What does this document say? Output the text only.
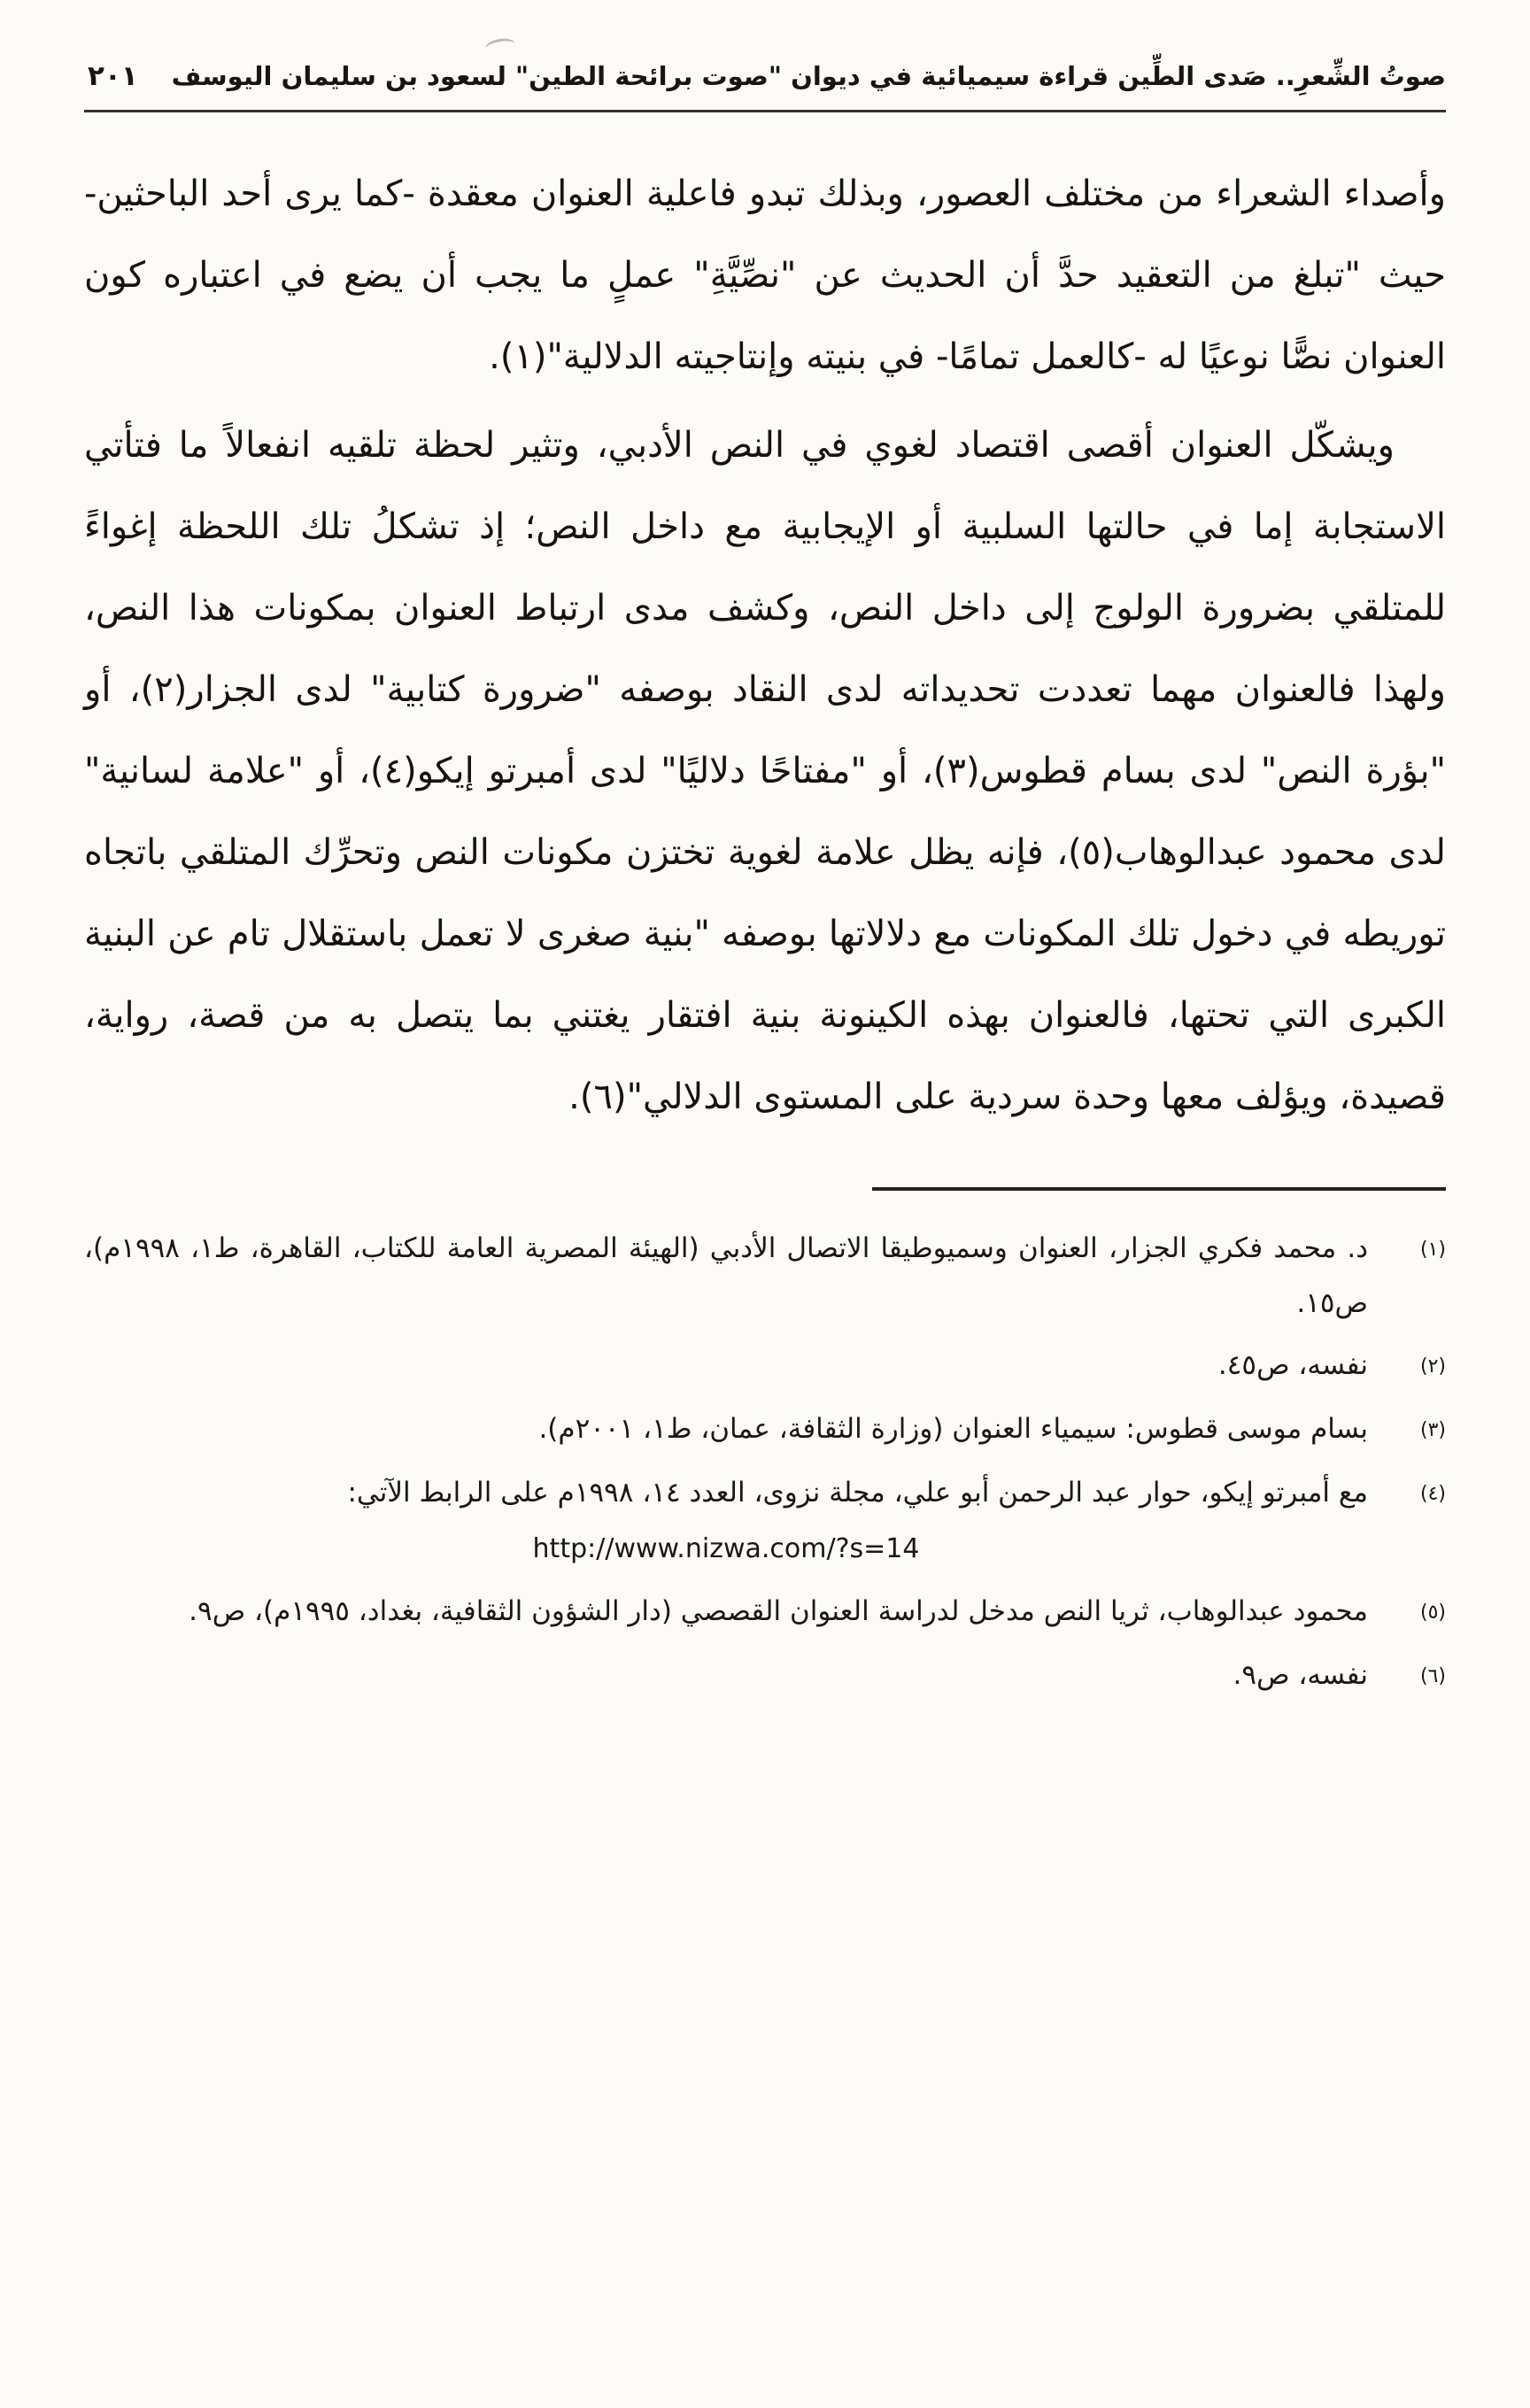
صوتُ الشِّعرِ.. صَدى الطِّين قراءة سيميائية في ديوان "صوت برائحة الطين" لسعود بن سليمان اليوسف
٢٠١

وأصداء الشعراء من مختلف العصور، وبذلك تبدو فاعلية العنوان معقدة -كما يرى أحد الباحثين- حيث "تبلغ من التعقيد حدَّ أن الحديث عن "نصِّيَّةِ" عملٍ ما يجب أن يضع في اعتباره كون العنوان نصًّا نوعيًا له -كالعمل تمامًا- في بنيته وإنتاجيته الدلالية"(١).

ويشكّل العنوان أقصى اقتصاد لغوي في النص الأدبي، وتثير لحظة تلقيه انفعالاً ما فتأتي الاستجابة إما في حالتها السلبية أو الإيجابية مع داخل النص؛ إذ تشكلُ تلك اللحظة إغواءً للمتلقي بضرورة الولوج إلى داخل النص، وكشف مدى ارتباط العنوان بمكونات هذا النص، ولهذا فالعنوان مهما تعددت تحديداته لدى النقاد بوصفه "ضرورة كتابية" لدى الجزار(٢)، أو "بؤرة النص" لدى بسام قطوس(٣)، أو "مفتاحًا دلاليًا" لدى أمبرتو إيكو(٤)، أو "علامة لسانية" لدى محمود عبدالوهاب(٥)، فإنه يظل علامة لغوية تختزن مكونات النص وتحرِّك المتلقي باتجاه توريطه في دخول تلك المكونات مع دلالاتها بوصفه "بنية صغرى لا تعمل باستقلال تام عن البنية الكبرى التي تحتها، فالعنوان بهذه الكينونة بنية افتقار يغتني بما يتصل به من قصة، رواية، قصيدة، ويؤلف معها وحدة سردية على المستوى الدلالي"(٦).

(١)
د. محمد فكري الجزار، العنوان وسميوطيقا الاتصال الأدبي (الهيئة المصرية العامة للكتاب، القاهرة، ط١، ١٩٩٨م)، ص١٥.
(٢)
نفسه، ص٤٥.
(٣)
بسام موسى قطوس: سيمياء العنوان (وزارة الثقافة، عمان، ط١، ٢٠٠١م).
(٤)
مع أمبرتو إيكو، حوار عبد الرحمن أبو علي، مجلة نزوى، العدد ١٤، ١٩٩٨م على الرابط الآتي:
http://www.nizwa.com/?s=14
(٥)
محمود عبدالوهاب، ثريا النص مدخل لدراسة العنوان القصصي (دار الشؤون الثقافية، بغداد، ١٩٩٥م)، ص٩.
(٦)
نفسه، ص٩.
